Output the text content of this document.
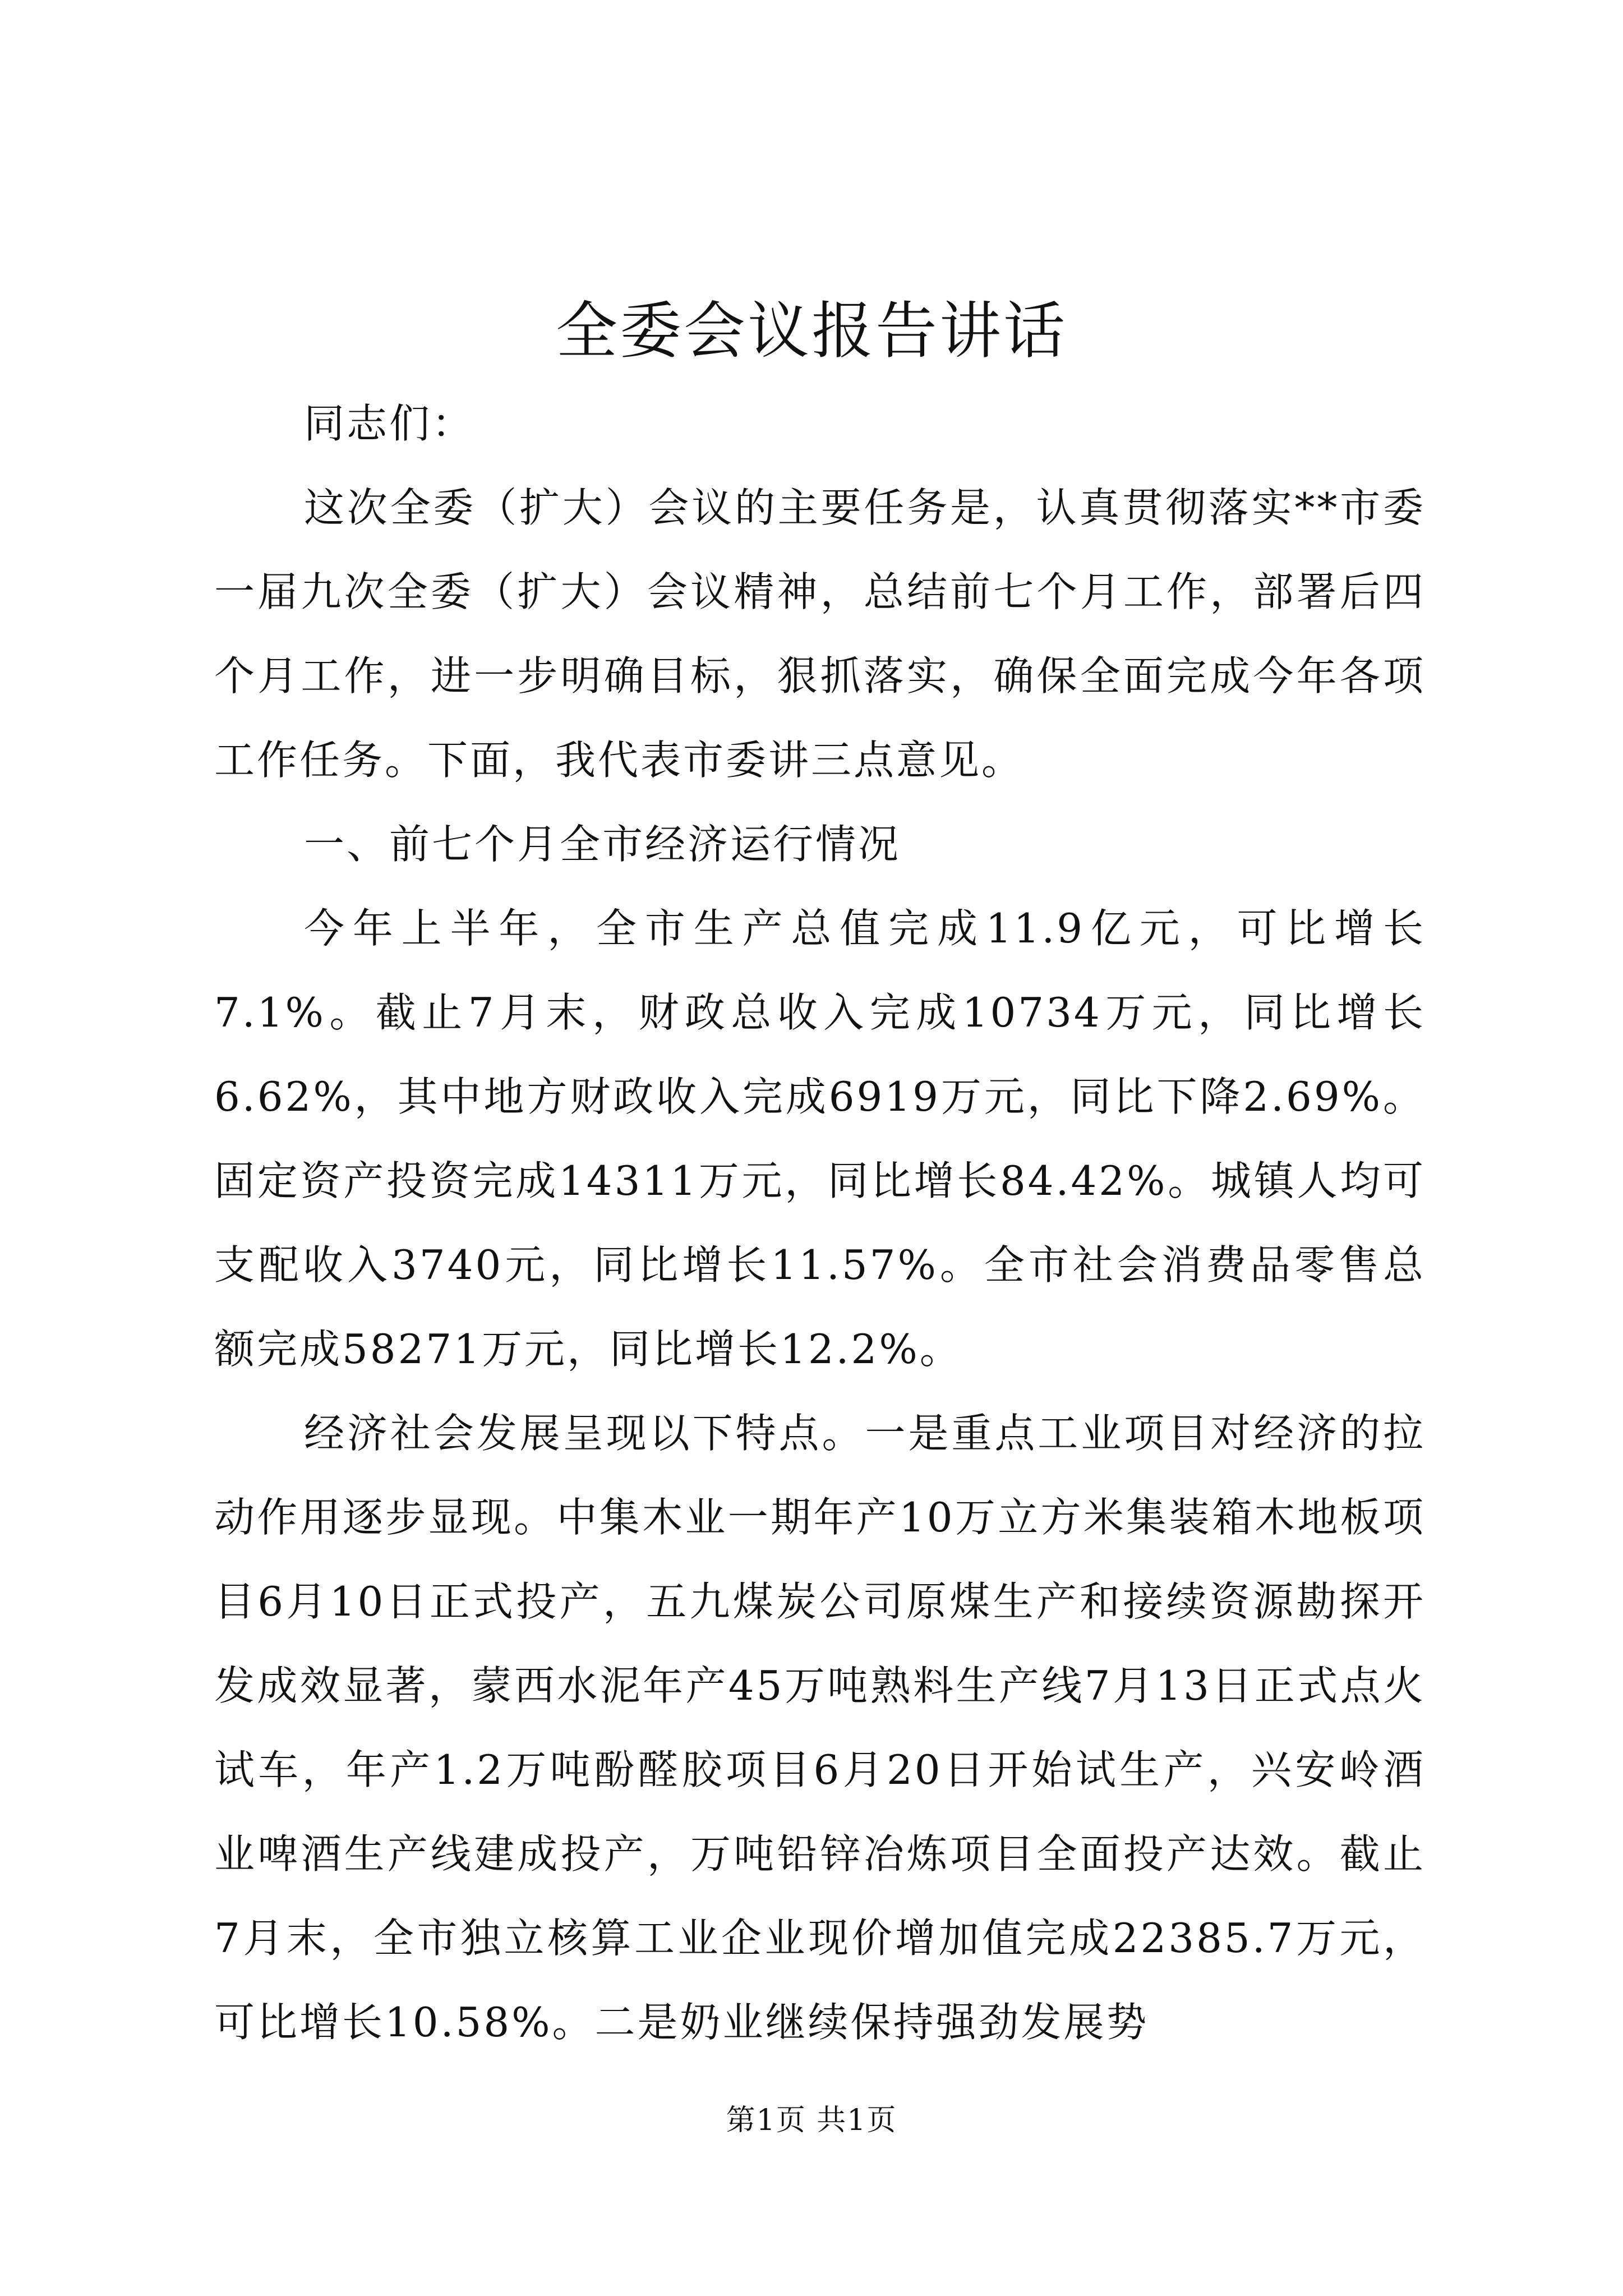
全委会议报告讲话

同志们：

这次全委（扩大）会议的主要任务是，认真贯彻落实**市委一届九次全委（扩大）会议精神，总结前七个月工作，部署后四个月工作，进一步明确目标，狠抓落实，确保全面完成今年各项工作任务。下面，我代表市委讲三点意见。

一、前七个月全市经济运行情况

今年上半年，全市生产总值完成11.9亿元，可比增长7.1%。截止7月末，财政总收入完成10734万元，同比增长6.62%，其中地方财政收入完成6919万元，同比下降2.69%。固定资产投资完成14311万元，同比增长84.42%。城镇人均可支配收入3740元，同比增长11.57%。全市社会消费品零售总额完成58271万元，同比增长12.2%。

经济社会发展呈现以下特点。一是重点工业项目对经济的拉动作用逐步显现。中集木业一期年产10万立方米集装箱木地板项目6月10日正式投产，五九煤炭公司原煤生产和接续资源勘探开发成效显著，蒙西水泥年产45万吨熟料生产线7月13日正式点火试车，年产1.2万吨酚醛胶项目6月20日开始试生产，兴安岭酒业啤酒生产线建成投产，万吨铅锌冶炼项目全面投产达效。截止7月末，全市独立核算工业企业现价增加值完成22385.7万元，可比增长10.58%。二是奶业继续保持强劲发展势

第1页 共1页
